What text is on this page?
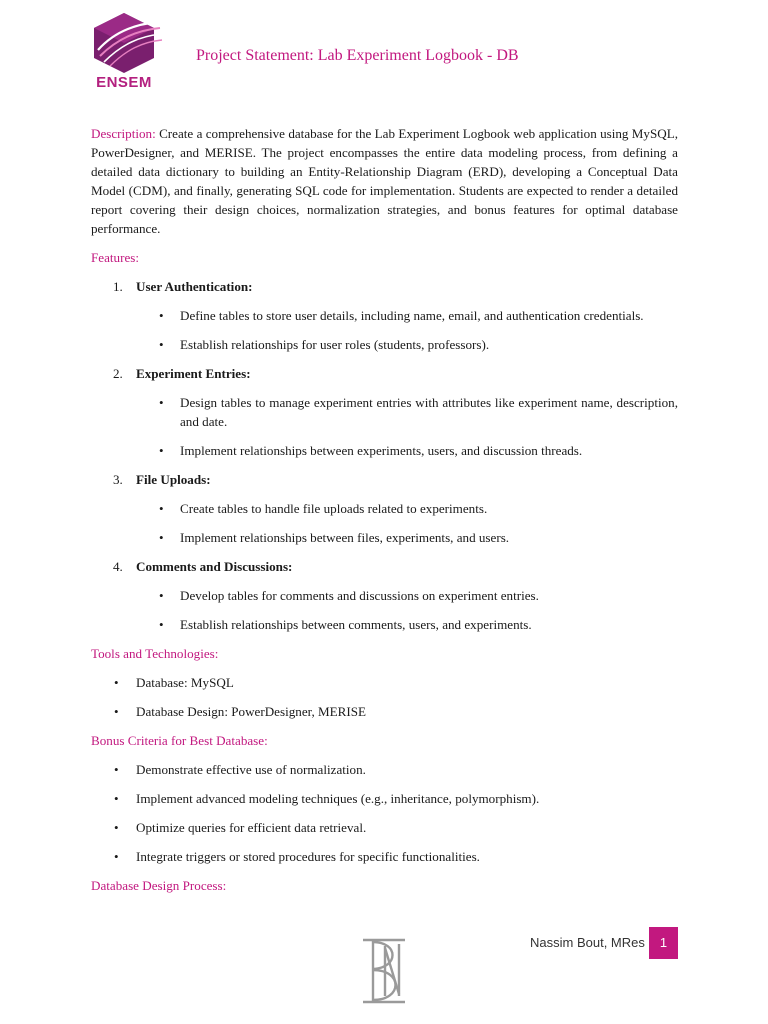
ENSEM
Project Statement: Lab Experiment Logbook - DB

Description: Create a comprehensive database for the Lab Experiment Logbook web application using MySQL, PowerDesigner, and MERISE. The project encompasses the entire data modeling process, from defining a detailed data dictionary to building an Entity-Relationship Diagram (ERD), developing a Conceptual Data Model (CDM), and finally, generating SQL code for implementation. Students are expected to render a detailed report covering their design choices, normalization strategies, and bonus features for optimal database performance.

Features:
1. User Authentication:
• Define tables to store user details, including name, email, and authentication credentials.
• Establish relationships for user roles (students, professors).
2. Experiment Entries:
• Design tables to manage experiment entries with attributes like experiment name, description, and date.
• Implement relationships between experiments, users, and discussion threads.
3. File Uploads:
• Create tables to handle file uploads related to experiments.
• Implement relationships between files, experiments, and users.
4. Comments and Discussions:
• Develop tables for comments and discussions on experiment entries.
• Establish relationships between comments, users, and experiments.
Tools and Technologies:
• Database: MySQL
• Database Design: PowerDesigner, MERISE
Bonus Criteria for Best Database:
• Demonstrate effective use of normalization.
• Implement advanced modeling techniques (e.g., inheritance, polymorphism).
• Optimize queries for efficient data retrieval.
• Integrate triggers or stored procedures for specific functionalities.
Database Design Process:
Nassim Bout, MRes	1
